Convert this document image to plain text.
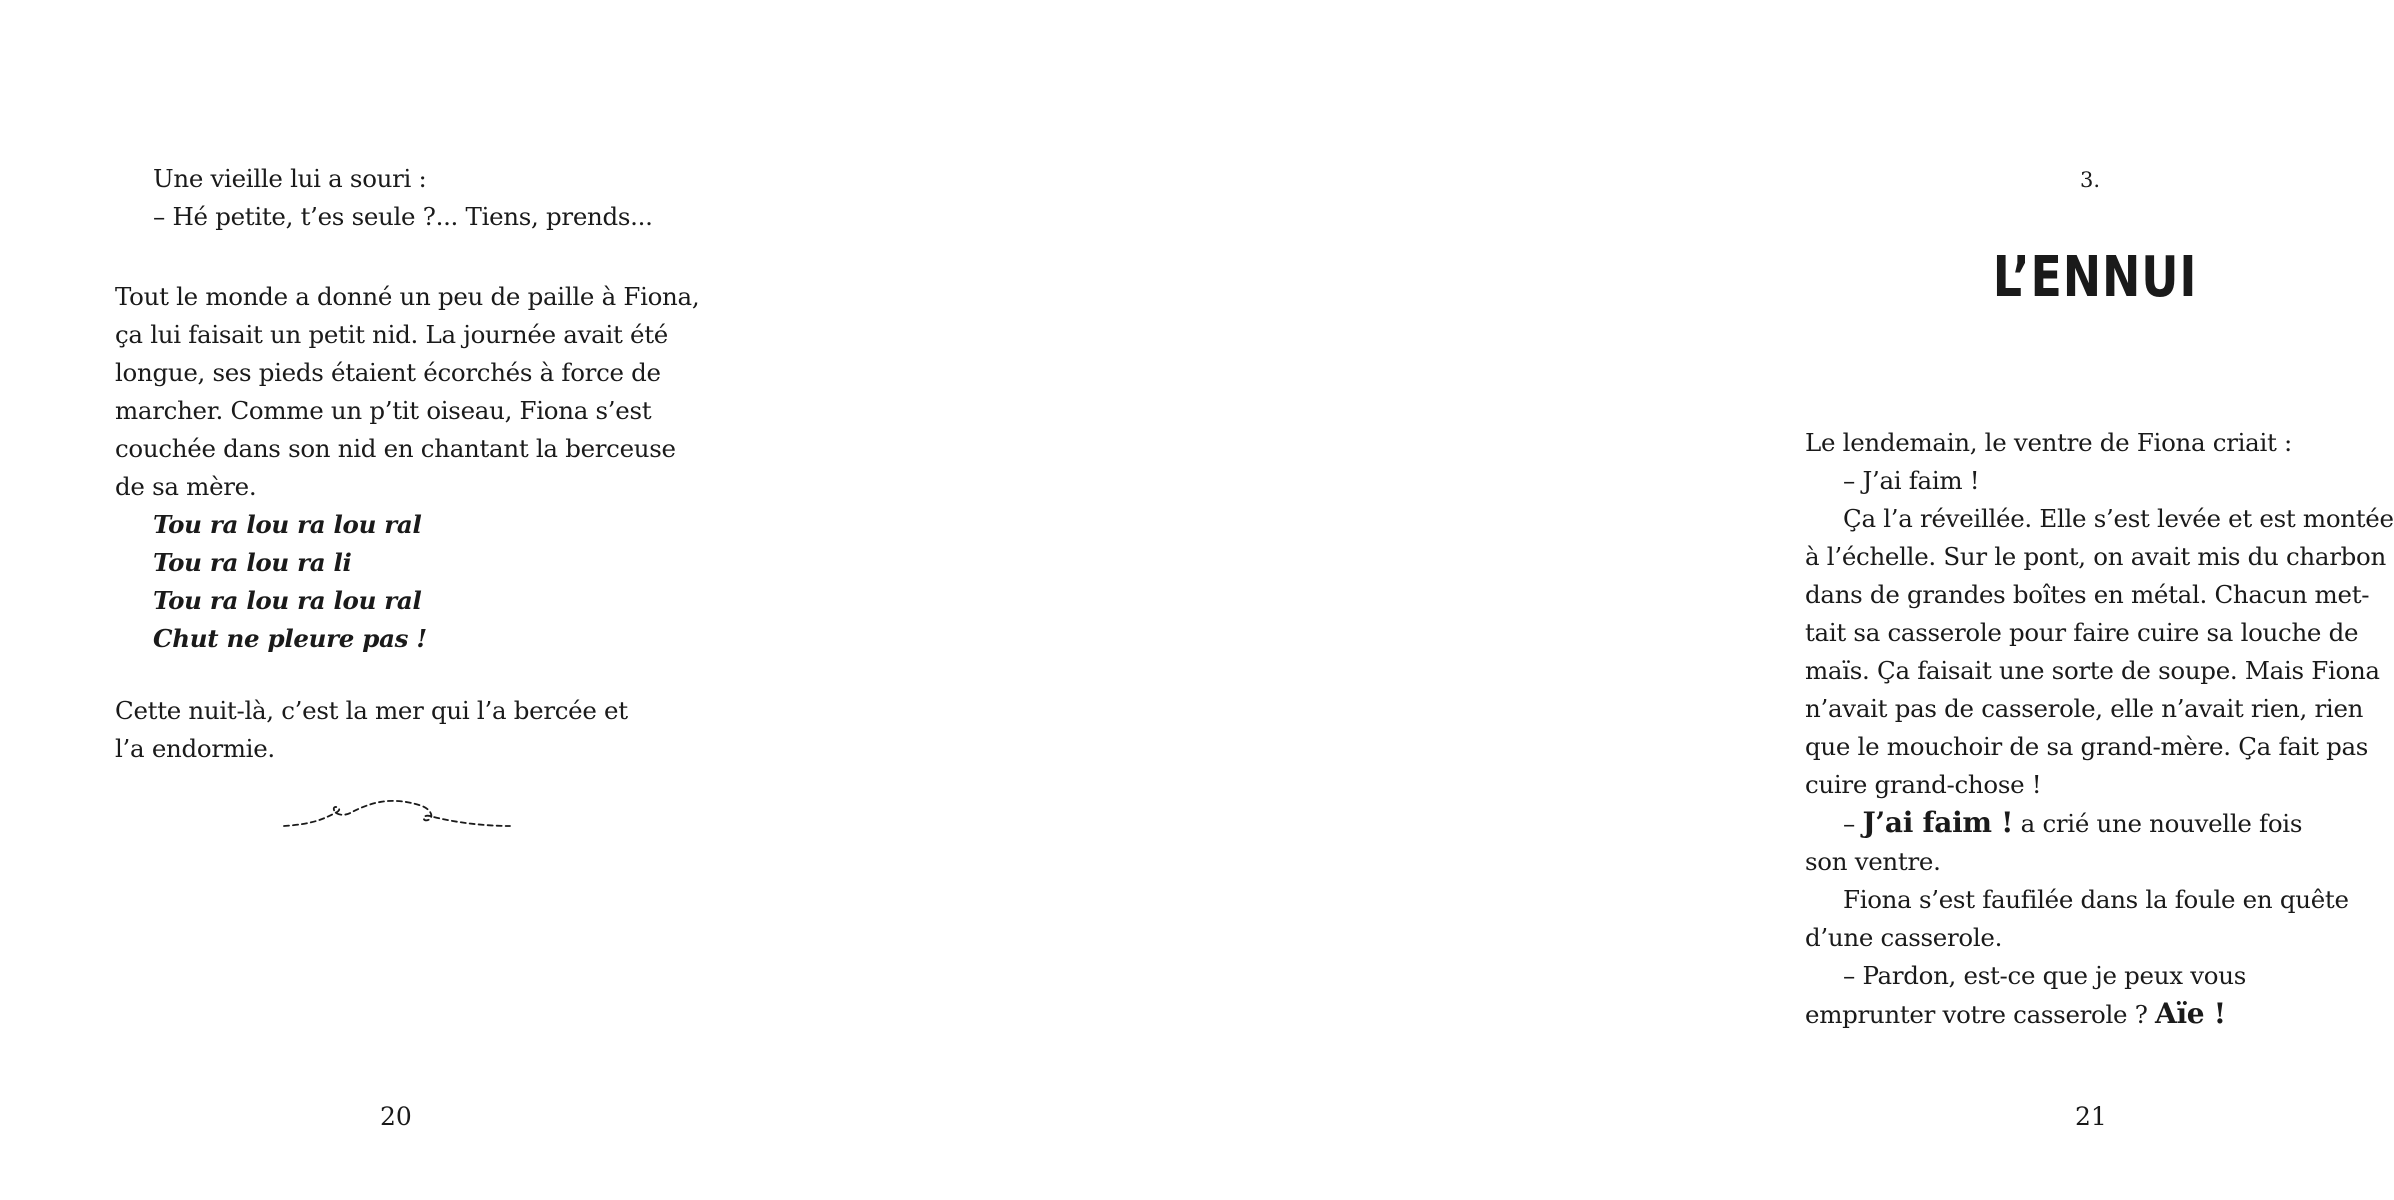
Une vieille lui a souri :
– Hé petite, t’es seule ?... Tiens, prends...
Tout le monde a donné un peu de paille à Fiona,
ça lui faisait un petit nid. La journée avait été
longue, ses pieds étaient écorchés à force de
marcher. Comme un p’tit oiseau, Fiona s’est
couchée dans son nid en chantant la berceuse
de sa mère.
Tou ra lou ra lou ral
Tou ra lou ra li
Tou ra lou ra lou ral
Chut ne pleure pas !
Cette nuit-là, c’est la mer qui l’a bercée et
l’a endormie.
20
3.
L’ENNUI
Le lendemain, le ventre de Fiona criait :
– J’ai faim !
Ça l’a réveillée. Elle s’est levée et est montée
à l’échelle. Sur le pont, on avait mis du charbon
dans de grandes boîtes en métal. Chacun met-
tait sa casserole pour faire cuire sa louche de
maïs. Ça faisait une sorte de soupe. Mais Fiona
n’avait pas de casserole, elle n’avait rien, rien
que le mouchoir de sa grand-mère. Ça fait pas
cuire grand-chose !
– J’ai faim ! a crié une nouvelle fois
son ventre.
Fiona s’est faufilée dans la foule en quête
d’une casserole.
– Pardon, est-ce que je peux vous
emprunter votre casserole ? Aïe !
21
